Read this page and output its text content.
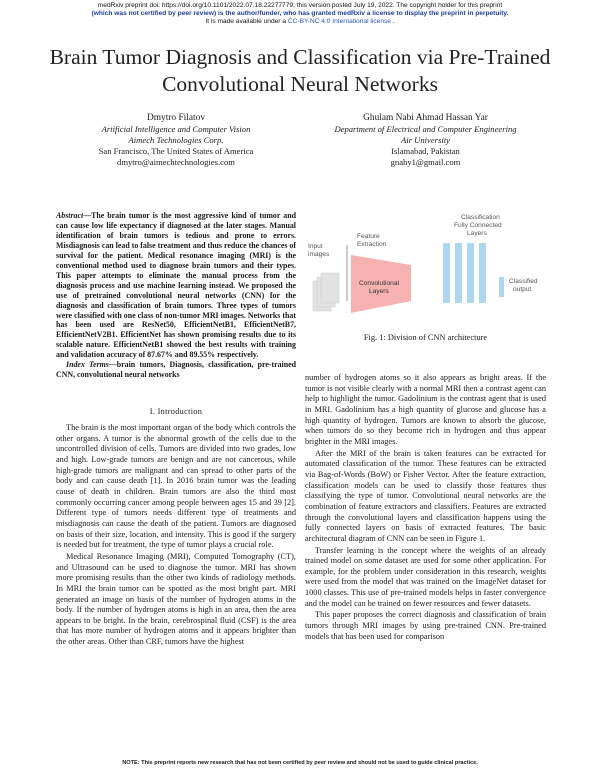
medRxiv preprint doi: https://doi.org/10.1101/2022.07.18.22277779; this version posted July 19, 2022. The copyright holder for this preprint
(which was not certified by peer review) is the author/funder, who has granted medRxiv a license to display the preprint in perpetuity.
It is made available under a CC-BY-NC 4.0 International license .
Brain Tumor Diagnosis and Classification via Pre-Trained Convolutional Neural Networks
Dmytro Filatov
Artificial Intelligence and Computer Vision
Aimech Technologies Corp.
San Francisco, The United States of America
dmytro@aimechtechnologies.com
Ghulam Nabi Ahmad Hassan Yar
Department of Electrical and Computer Engineering
Air University
Islamabad, Pakistan
gnahy1@gmail.com
Abstract—The brain tumor is the most aggressive kind of tumor and can cause low life expectancy if diagnosed at the later stages. Manual identification of brain tumors is tedious and prone to errors. Misdiagnosis can lead to false treatment and thus reduce the chances of survival for the patient. Medical resonance imaging (MRI) is the conventional method used to diagnose brain tumors and their types. This paper attempts to eliminate the manual process from the diagnosis process and use machine learning instead. We proposed the use of pretrained convolutional neural networks (CNN) for the diagnosis and classification of brain tumors. Three types of tumors were classified with one class of non-tumor MRI images. Networks that has been used are ResNet50, EfficientNetB1, EfficientNetB7, EfficientNetV2B1. EfficientNet has shown promising results due to its scalable nature. EfficientNetB1 showed the best results with training and validation accuracy of 87.67% and 89.55% respectively.
Index Terms—brain tumors, Diagnosis, classification, pre-trained CNN, convolutional neural networks
I. Introduction

The brain is the most important organ of the body which controls the other organs. A tumor is the abnormal growth of the cells due to the uncontrolled division of cells. Tumors are divided into two grades, low and high. Low-grade tumors are benign and are not cancerous, while high-grade tumors are malignant and can spread to other parts of the body and can cause death [1]. In 2016 brain tumor was the leading cause of death in children. Brain tumors are also the third most commonly occurring cancer among people between ages 15 and 39 [2]. Different type of tumors needs different type of treatments and misdiagnosis can cause the death of the patient. Tumors are diagnosed on basis of their size, location, and intensity. This is good if the surgery is needed but for treatment, the type of tumor plays a crucial role.

Medical Resonance Imaging (MRI), Computed Tomography (CT), and Ultrasound can be used to diagnose the tumor. MRI has shown more promising results than the other two kinds of radiology methods. In MRI the brain tumor can be spotted as the most bright part. MRI generated an image on basis of the number of hydrogen atoms in the body. If the number of hydrogen atoms is high in an area, then the area appears to be bright. In the brain, cerebrospinal fluid (CSF) is the area that has more number of hydrogen atoms and it appears brighter than the other areas. Other than CRF, tumors have the highest

Input
images
Feature
Extraction
Convolutional
Layers
Classification
Fully Connected
Layers
Classified
output
Fig. 1: Division of CNN architecture

number of hydrogen atoms so it also appears as bright areas. If the tumor is not visible clearly with a normal MRI then a contrast agent can help to highlight the tumor. Gadolinium is the contrast agent that is used in MRI. Gadolinium has a high quantity of glucose and glucose has a high quantity of hydrogen. Tumors are known to absorb the glucose, when tumors do so they become rich in hydrogen and thus appear brighter in the MRI images.

After the MRI of the brain is taken features can be extracted for automated classification of the tumor. These features can be extracted via Bag-of-Words (BoW) or Fisher Vector. After the feature extraction, classification models can be used to classify those features thus classifying the type of tumor. Convolutional neural networks are the combination of feature extractors and classifiers. Features are extracted through the convolutional layers and classification happens using the fully connected layers on basis of extracted features. The basic architectural diagram of CNN can be seen in Figure 1.

Transfer learning is the concept where the weights of an already trained model on some dataset are used for some other application. For example, for the problem under consideration in this research, weights were used from the model that was trained on the ImageNet dataset for 1000 classes. This use of pre-trained models helps in faster convergence and the model can be trained on fewer resources and fewer datasets.

This paper proposes the correct diagnosis and classification of brain tumors through MRI images by using pre-trained CNN. Pre-trained models that has been used for comparison

NOTE: This preprint reports new research that has not been certified by peer review and should not be used to guide clinical practice.
